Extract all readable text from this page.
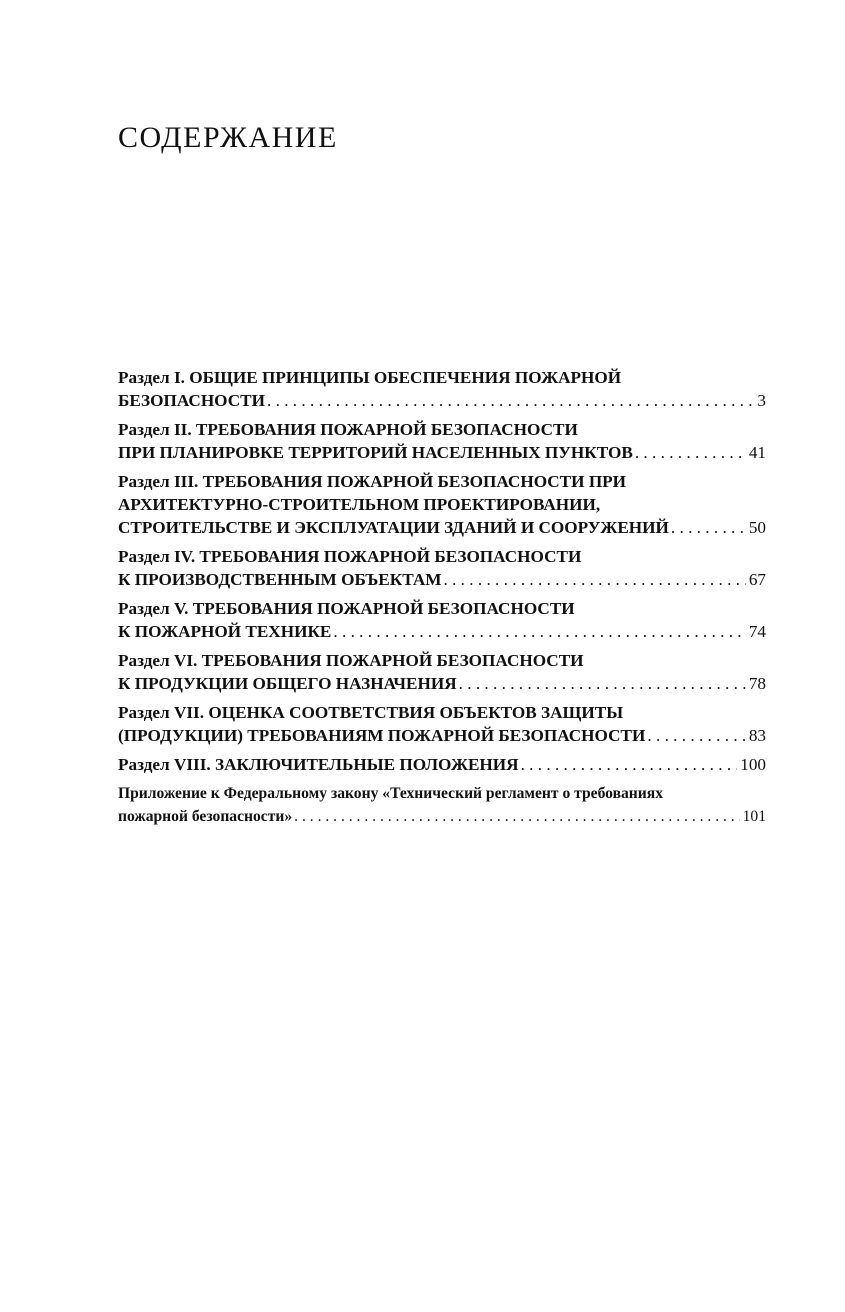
СОДЕРЖАНИЕ
Раздел I. ОБЩИЕ ПРИНЦИПЫ ОБЕСПЕЧЕНИЯ ПОЖАРНОЙ
БЕЗОПАСНОСТИ . . .	3
Раздел II. ТРЕБОВАНИЯ ПОЖАРНОЙ БЕЗОПАСНОСТИ
ПРИ ПЛАНИРОВКЕ ТЕРРИТОРИЙ НАСЕЛЕННЫХ ПУНКТОВ . . .	41
Раздел III. ТРЕБОВАНИЯ ПОЖАРНОЙ БЕЗОПАСНОСТИ ПРИ
АРХИТЕКТУРНО-СТРОИТЕЛЬНОМ ПРОЕКТИРОВАНИИ,
СТРОИТЕЛЬСТВЕ И ЭКСПЛУАТАЦИИ ЗДАНИЙ И СООРУЖЕНИЙ . . .	50
Раздел IV. ТРЕБОВАНИЯ ПОЖАРНОЙ БЕЗОПАСНОСТИ
К ПРОИЗВОДСТВЕННЫМ ОБЪЕКТАМ . . .	67
Раздел V. ТРЕБОВАНИЯ ПОЖАРНОЙ БЕЗОПАСНОСТИ
К ПОЖАРНОЙ ТЕХНИКЕ . . .	74
Раздел VI. ТРЕБОВАНИЯ ПОЖАРНОЙ БЕЗОПАСНОСТИ
К ПРОДУКЦИИ ОБЩЕГО НАЗНАЧЕНИЯ . . .	78
Раздел VII. ОЦЕНКА СООТВЕТСТВИЯ ОБЪЕКТОВ ЗАЩИТЫ
(ПРОДУКЦИИ) ТРЕБОВАНИЯМ ПОЖАРНОЙ БЕЗОПАСНОСТИ . . .	83
Раздел VIII. ЗАКЛЮЧИТЕЛЬНЫЕ ПОЛОЖЕНИЯ . . .	100
Приложение к Федеральному закону «Технический регламент о требованиях
пожарной безопасности» . . .	101
